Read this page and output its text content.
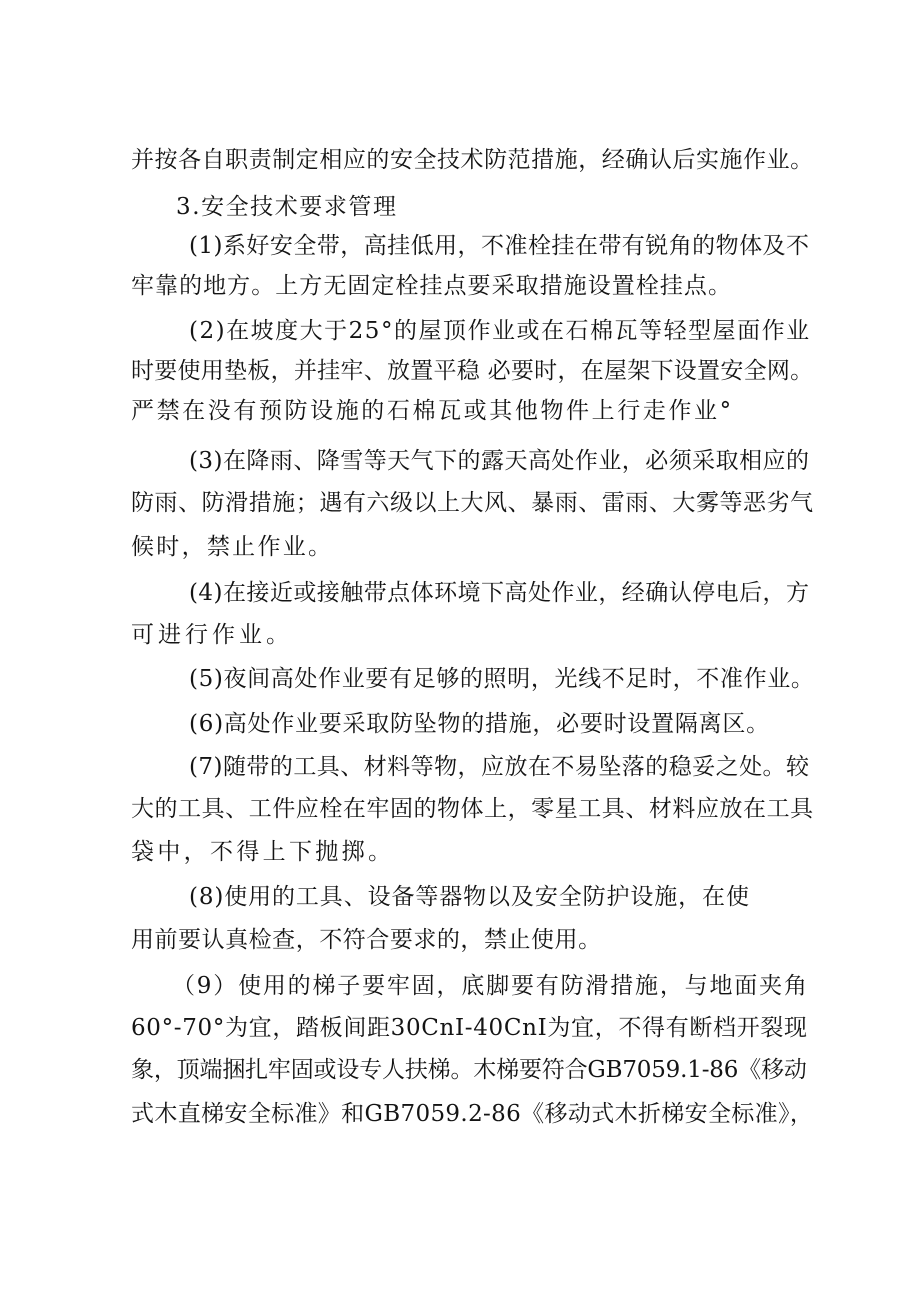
并按各自职责制定相应的安全技术防范措施，经确认后实施作业。
3.安全技术要求管理
(1)系好安全带，高挂低用，不准栓挂在带有锐角的物体及不
牢靠的地方。上方无固定栓挂点要采取措施设置栓挂点。
(2)在坡度大于25°的屋顶作业或在石棉瓦等轻型屋面作业
时要使用垫板，并挂牢、放置平稳 必要时，在屋架下设置安全网。
严禁在没有预防设施的石棉瓦或其他物件上行走作业°
(3)在降雨、降雪等天气下的露天高处作业，必须采取相应的
防雨、防滑措施；遇有六级以上大风、暴雨、雷雨、大雾等恶劣气
候时，禁止作业。
(4)在接近或接触带点体环境下高处作业，经确认停电后，方
可进行作业。
(5)夜间高处作业要有足够的照明，光线不足时，不准作业。
(6)高处作业要采取防坠物的措施，必要时设置隔离区。
(7)随带的工具、材料等物，应放在不易坠落的稳妥之处。较
大的工具、工件应栓在牢固的物体上，零星工具、材料应放在工具
袋中，不得上下抛掷。
(8)使用的工具、设备等器物以及安全防护设施，在使
用前要认真检查，不符合要求的，禁止使用。
（9）使用的梯子要牢固，底脚要有防滑措施，与地面夹角
60°-70°为宜，踏板间距30CnI-40CnI为宜，不得有断档开裂现
象，顶端捆扎牢固或设专人扶梯。木梯要符合GB7059.1-86《移动
式木直梯安全标准》和GB7059.2-86《移动式木折梯安全标准》，
